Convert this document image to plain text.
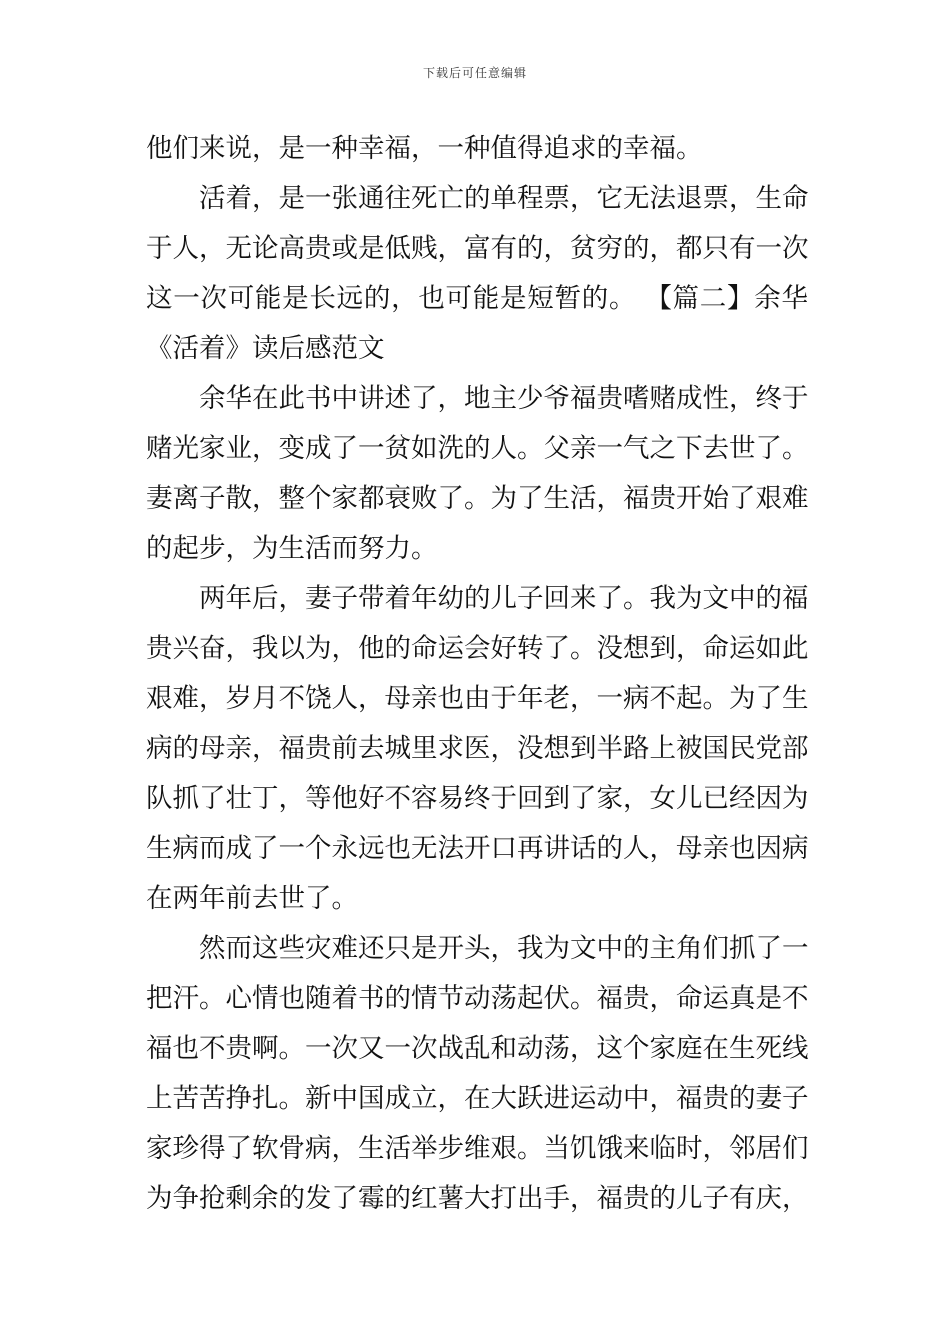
下载后可任意编辑
他们来说，是一种幸福，一种值得追求的幸福。
活着，是一张通往死亡的单程票，它无法退票，生命
于人，无论高贵或是低贱，富有的，贫穷的，都只有一次
这一次可能是长远的，也可能是短暂的。 【篇二】余华
《活着》读后感范文
余华在此书中讲述了，地主少爷福贵嗜赌成性，终于
赌光家业，变成了一贫如洗的人。父亲一气之下去世了。
妻离子散，整个家都衰败了。为了生活，福贵开始了艰难
的起步，为生活而努力。
两年后，妻子带着年幼的儿子回来了。我为文中的福
贵兴奋，我以为，他的命运会好转了。没想到，命运如此
艰难，岁月不饶人，母亲也由于年老，一病不起。为了生
病的母亲，福贵前去城里求医，没想到半路上被国民党部
队抓了壮丁，等他好不容易终于回到了家，女儿已经因为
生病而成了一个永远也无法开口再讲话的人，母亲也因病
在两年前去世了。
然而这些灾难还只是开头，我为文中的主角们抓了一
把汗。心情也随着书的情节动荡起伏。福贵，命运真是不
福也不贵啊。一次又一次战乱和动荡，这个家庭在生死线
上苦苦挣扎。新中国成立，在大跃进运动中，福贵的妻子
家珍得了软骨病，生活举步维艰。当饥饿来临时，邻居们
为争抢剩余的发了霉的红薯大打出手，福贵的儿子有庆，
